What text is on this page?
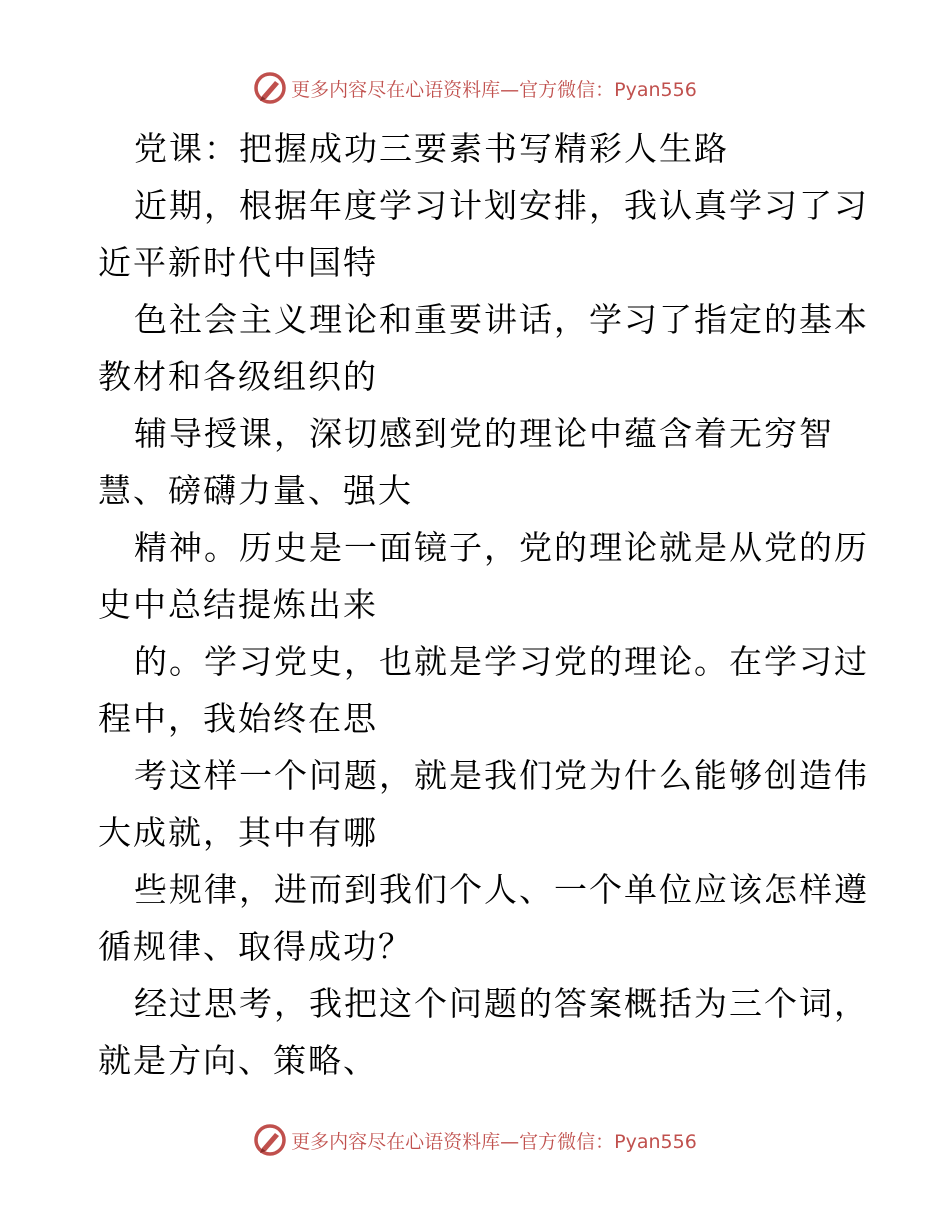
更多内容尽在心语资料库—官方微信：Pyan556

党课：把握成功三要素书写精彩人生路

近期，根据年度学习计划安排，我认真学习了习
近平新时代中国特

色社会主义理论和重要讲话，学习了指定的基本
教材和各级组织的

辅导授课，深切感到党的理论中蕴含着无穷智
慧、磅礴力量、强大

精神。历史是一面镜子，党的理论就是从党的历
史中总结提炼出来

的。学习党史，也就是学习党的理论。在学习过
程中，我始终在思

考这样一个问题，就是我们党为什么能够创造伟
大成就，其中有哪

些规律，进而到我们个人、一个单位应该怎样遵
循规律、取得成功？

经过思考，我把这个问题的答案概括为三个词，
就是方向、策略、

更多内容尽在心语资料库—官方微信：Pyan556
